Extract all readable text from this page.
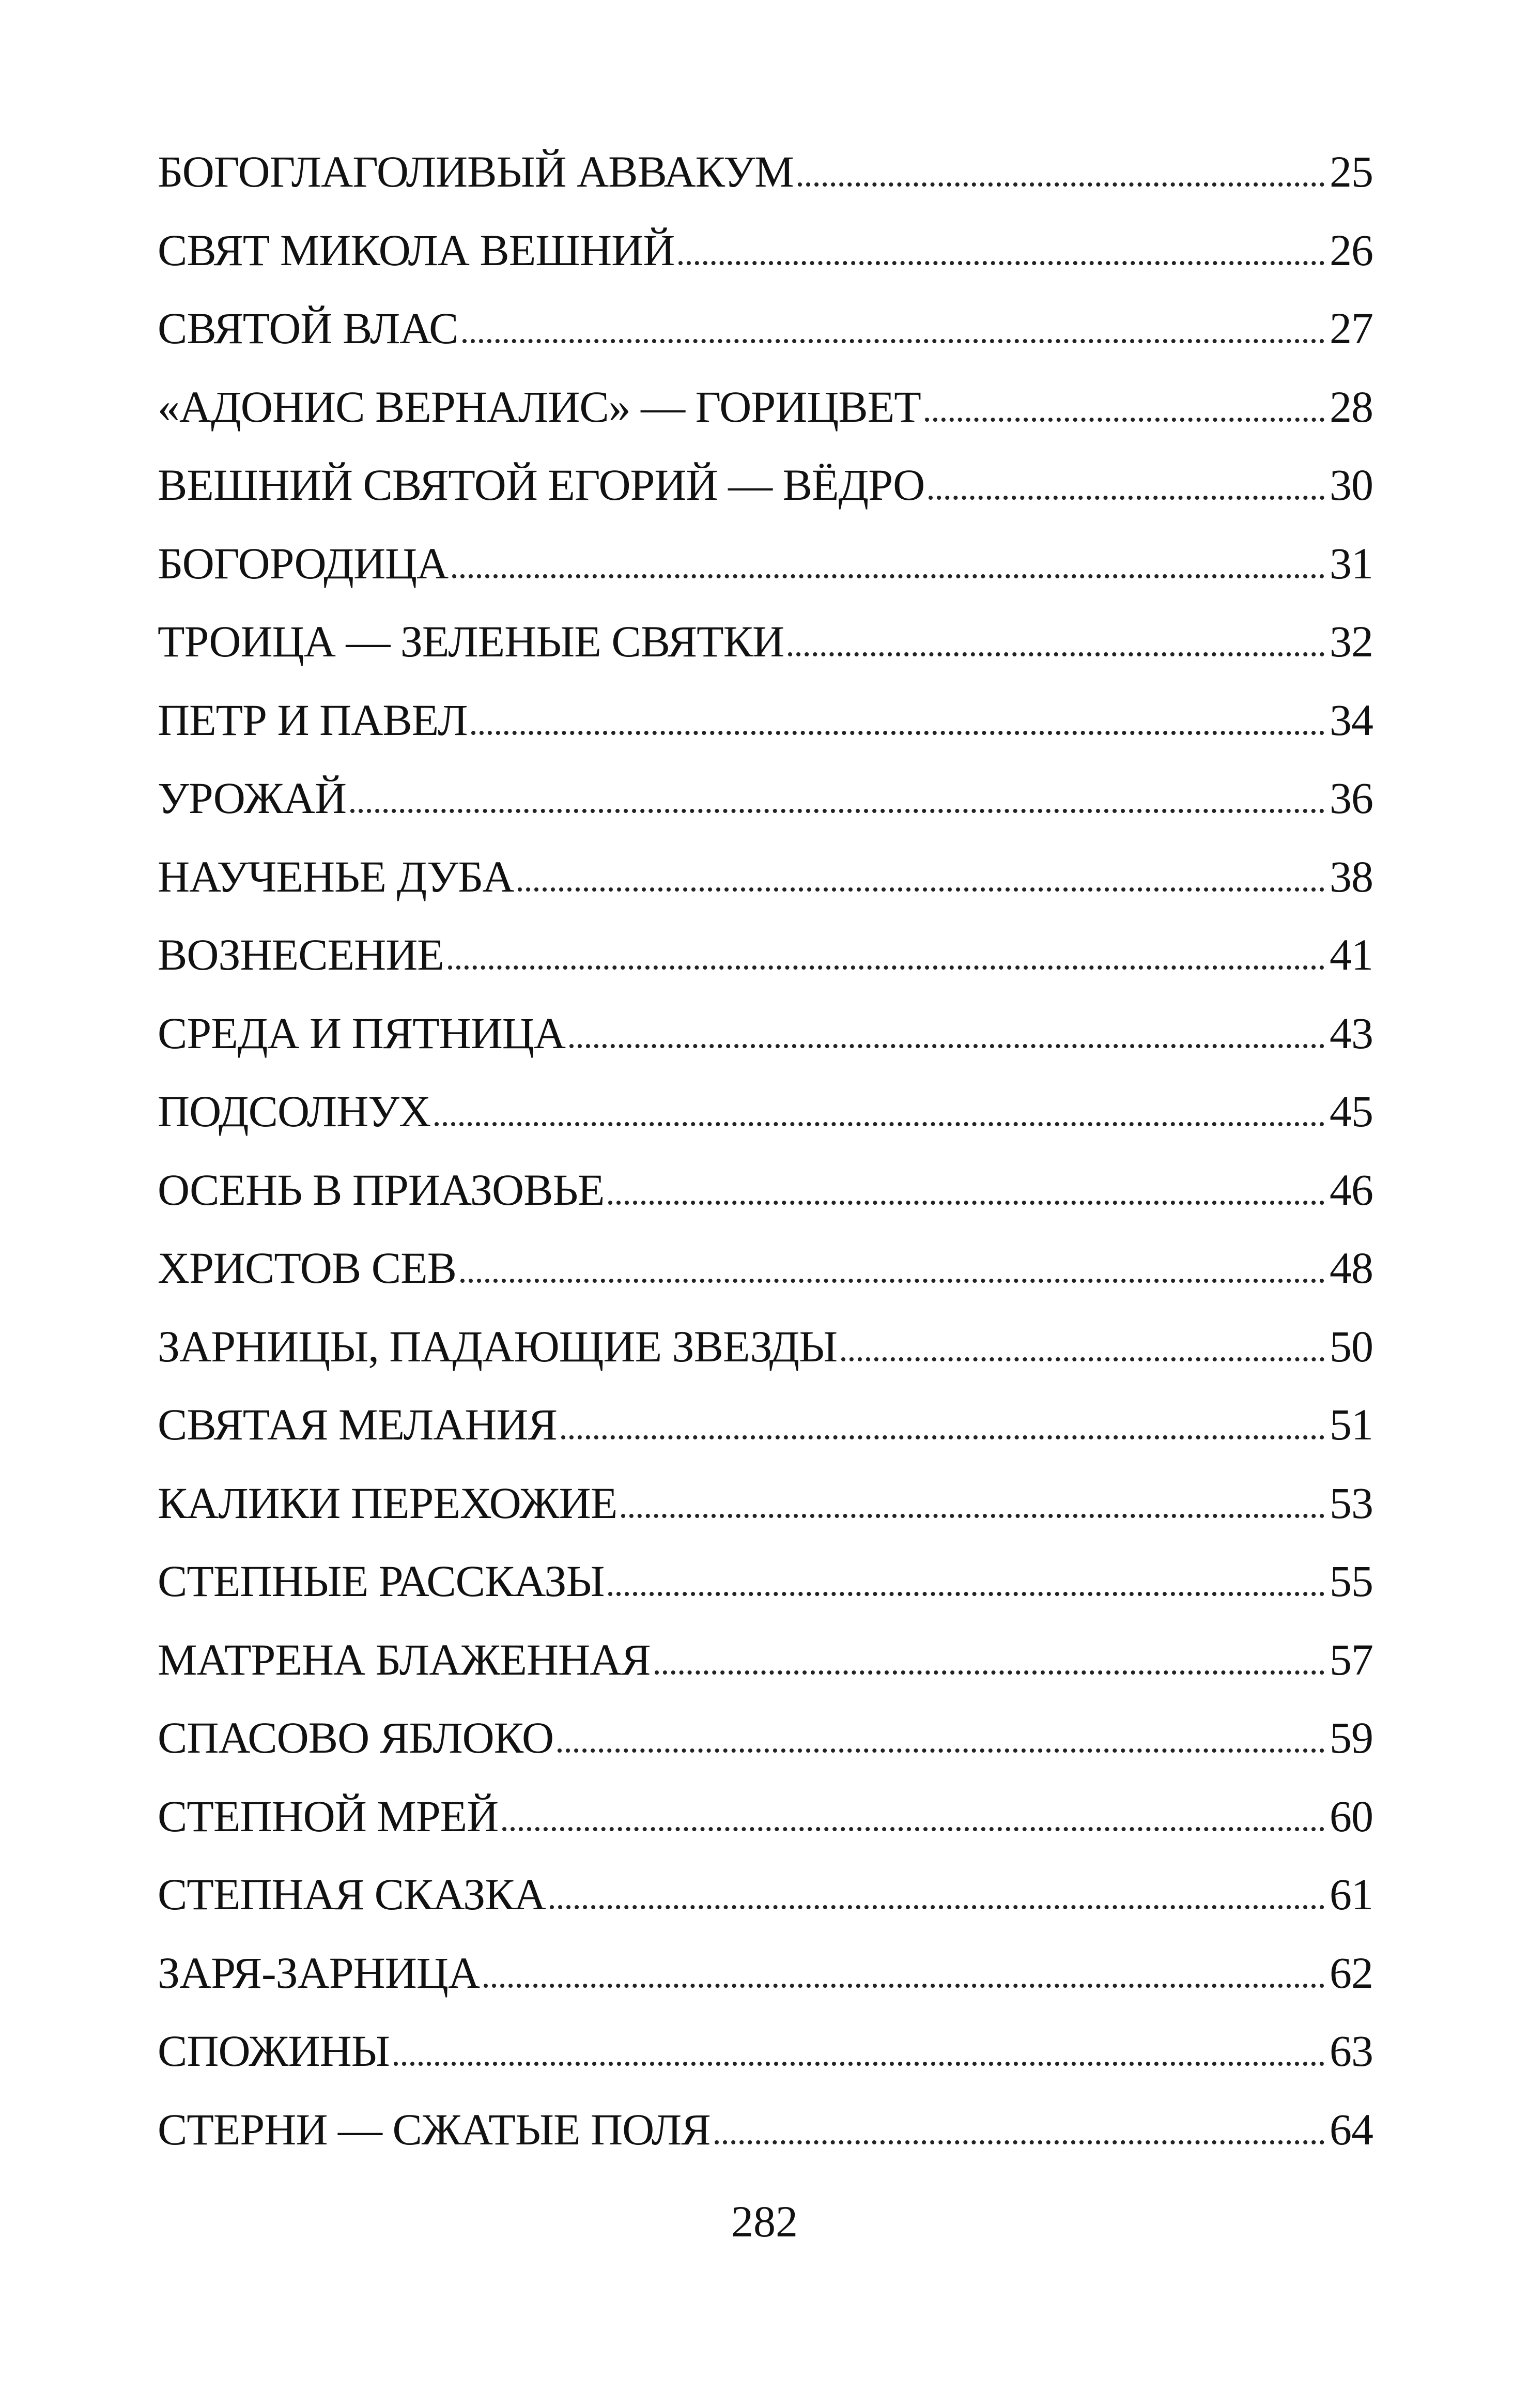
БОГОГЛАГОЛИВЫЙ АВВАКУМ	25
СВЯТ МИКОЛА ВЕШНИЙ	26
СВЯТОЙ ВЛАС	27
«АДОНИС ВЕРНАЛИС» — ГОРИЦВЕТ	28
ВЕШНИЙ СВЯТОЙ ЕГОРИЙ — ВЁДРО	30
БОГОРОДИЦА	31
ТРОИЦА — ЗЕЛЕНЫЕ СВЯТКИ	32
ПЕТР И ПАВЕЛ	34
УРОЖАЙ	36
НАУЧЕНЬЕ ДУБА	38
ВОЗНЕСЕНИЕ	41
СРЕДА И ПЯТНИЦА	43
ПОДСОЛНУХ	45
ОСЕНЬ В ПРИАЗОВЬЕ	46
ХРИСТОВ СЕВ	48
ЗАРНИЦЫ, ПАДАЮЩИЕ ЗВЕЗДЫ	50
СВЯТАЯ МЕЛАНИЯ	51
КАЛИКИ ПЕРЕХОЖИЕ	53
СТЕПНЫЕ РАССКАЗЫ	55
МАТРЕНА БЛАЖЕННАЯ	57
СПАСОВО ЯБЛОКО	59
СТЕПНОЙ МРЕЙ	60
СТЕПНАЯ СКАЗКА	61
ЗАРЯ-ЗАРНИЦА	62
СПОЖИНЫ	63
СТЕРНИ — СЖАТЫЕ ПОЛЯ	64
282
